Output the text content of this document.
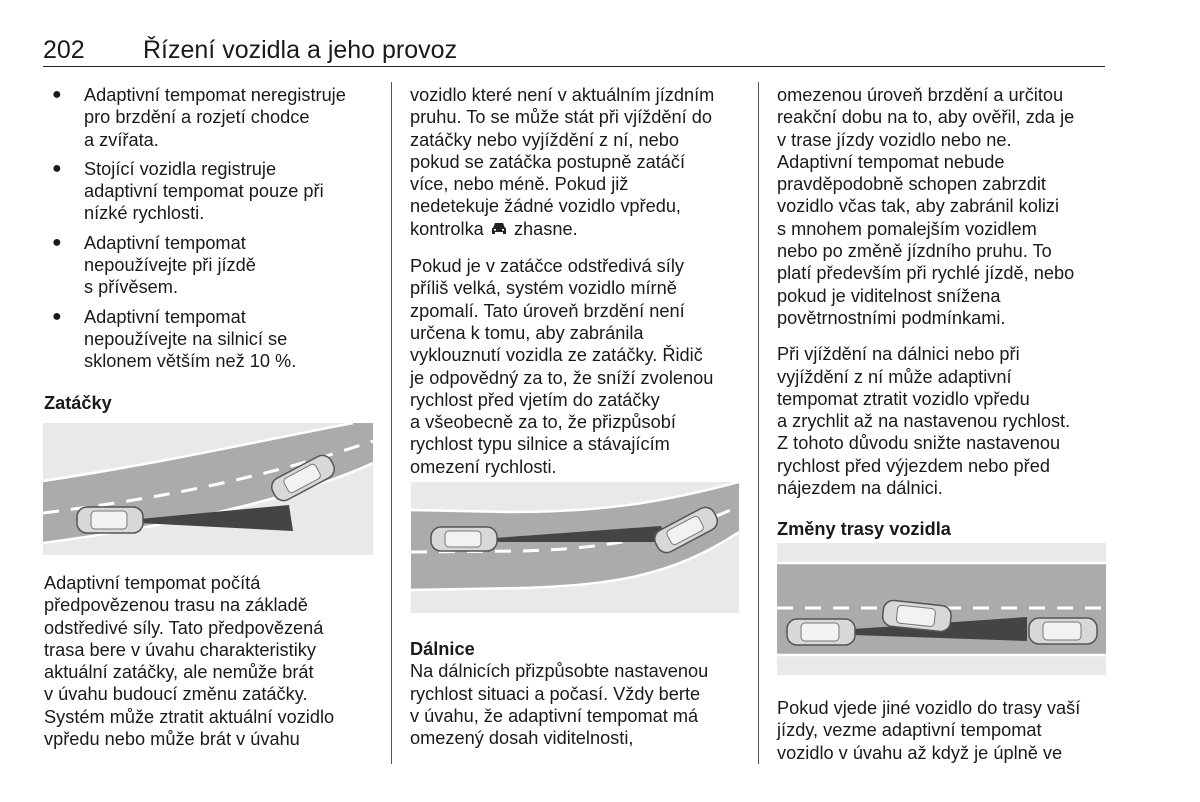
202 Řízení vozidla a jeho provoz
●	Adaptivní tempomat neregistruje
pro brzdění a rozjetí chodce
a zvířata.
●	Stojící vozidla registruje
adaptivní tempomat pouze při
nízké rychlosti.
●	Adaptivní tempomat
nepoužívejte při jízdě
s přívěsem.
●	Adaptivní tempomat
nepoužívejte na silnicí se
sklonem větším než 10 %.

Zatáčky

Adaptivní tempomat počítá
předpovězenou trasu na základě
odstředivé síly. Tato předpovězená
trasa bere v úvahu charakteristiky
aktuální zatáčky, ale nemůže brát
v úvahu budoucí změnu zatáčky.
Systém může ztratit aktuální vozidlo
vpředu nebo může brát v úvahu

vozidlo které není v aktuálním jízdním
pruhu. To se může stát při vjíždění do
zatáčky nebo vyjíždění z ní, nebo
pokud se zatáčka postupně zatáčí
více, nebo méně. Pokud již
nedetekuje žádné vozidlo vpředu,

kontrolka zhasne.

Pokud je v zatáčce odstředivá síly
příliš velká, systém vozidlo mírně
zpomalí. Tato úroveň brzdění není
určena k tomu, aby zabránila
vyklouznutí vozidla ze zatáčky. Řidič
je odpovědný za to, že sníží zvolenou
rychlost před vjetím do zatáčky
a všeobecně za to, že přizpůsobí
rychlost typu silnice a stávajícím
omezení rychlosti.

Dálnice

Na dálnicích přizpůsobte nastavenou
rychlost situaci a počasí. Vždy berte
v úvahu, že adaptivní tempomat má
omezený dosah viditelnosti,

omezenou úroveň brzdění a určitou
reakční dobu na to, aby ověřil, zda je
v trase jízdy vozidlo nebo ne.
Adaptivní tempomat nebude
pravděpodobně schopen zabrzdit
vozidlo včas tak, aby zabránil kolizi
s mnohem pomalejším vozidlem
nebo po změně jízdního pruhu. To
platí především při rychlé jízdě, nebo
pokud je viditelnost snížena
povětrnostními podmínkami.

Při vjíždění na dálnici nebo při
vyjíždění z ní může adaptivní
tempomat ztratit vozidlo vpředu
a zrychlit až na nastavenou rychlost.
Z tohoto důvodu snižte nastavenou
rychlost před výjezdem nebo před
nájezdem na dálnici.

Změny trasy vozidla

Pokud vjede jiné vozidlo do trasy vaší
jízdy, vezme adaptivní tempomat
vozidlo v úvahu až když je úplně ve
